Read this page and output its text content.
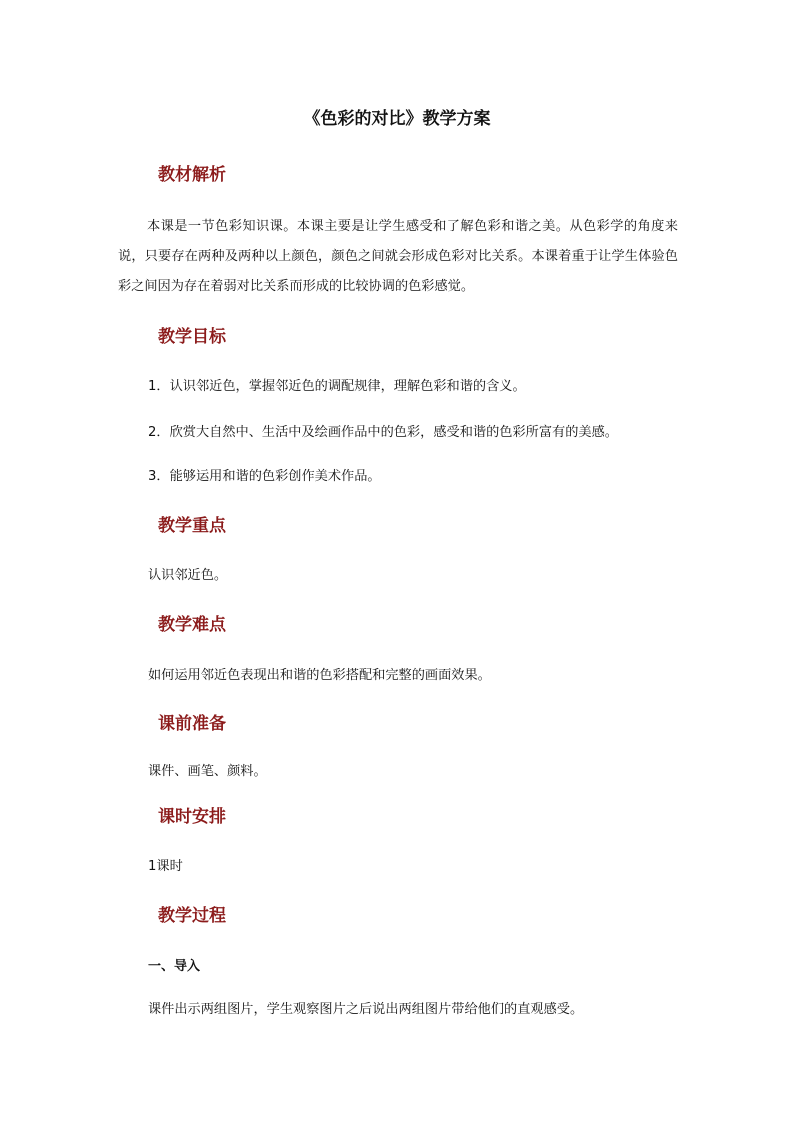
《色彩的对比》教学方案
教材解析
本课是一节色彩知识课。本课主要是让学生感受和了解色彩和谐之美。从色彩学的角度来说，只要存在两种及两种以上颜色，颜色之间就会形成色彩对比关系。本课着重于让学生体验色彩之间因为存在着弱对比关系而形成的比较协调的色彩感觉。
教学目标
1．认识邻近色，掌握邻近色的调配规律，理解色彩和谐的含义。
2．欣赏大自然中、生活中及绘画作品中的色彩，感受和谐的色彩所富有的美感。
3．能够运用和谐的色彩创作美术作品。
教学重点
认识邻近色。
教学难点
如何运用邻近色表现出和谐的色彩搭配和完整的画面效果。
课前准备
课件、画笔、颜料。
课时安排
1课时
教学过程
一、导入
课件出示两组图片，学生观察图片之后说出两组图片带给他们的直观感受。
